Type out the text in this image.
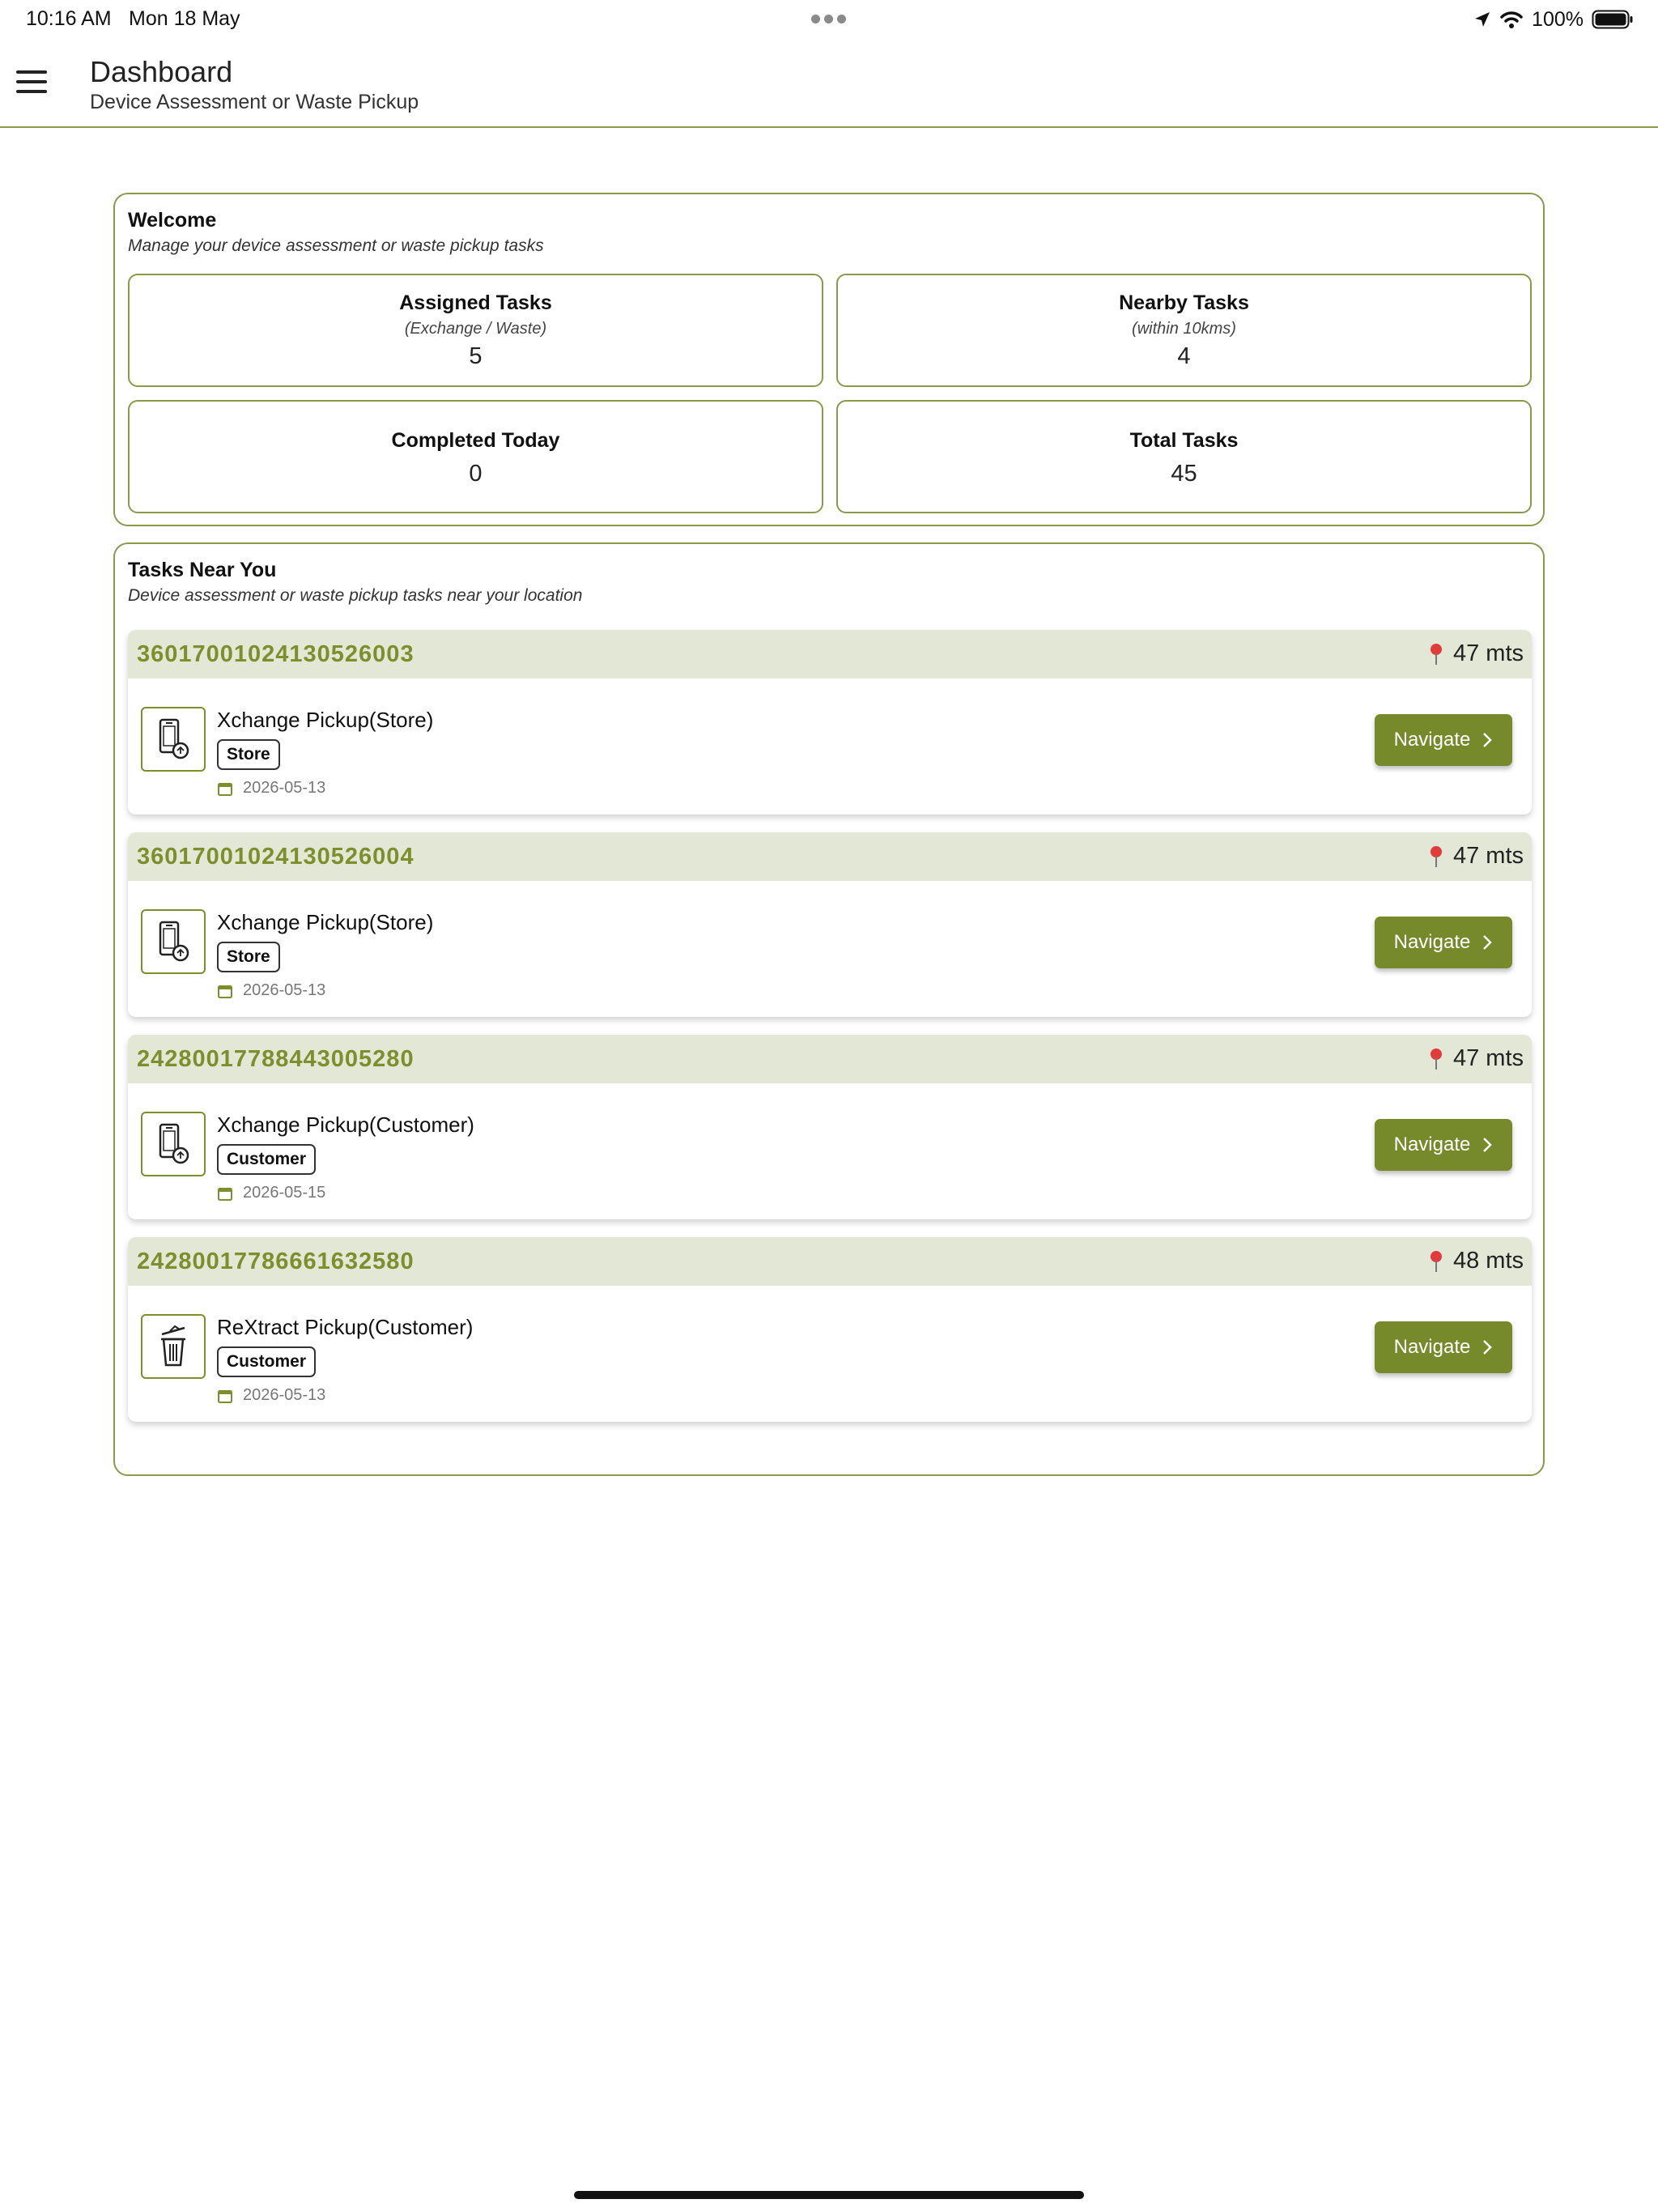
10:16 AM Mon 18 May	100%
Dashboard
Device Assessment or Waste Pickup
Welcome
Manage your device assessment or waste pickup tasks
Assigned Tasks
(Exchange / Waste)
5
Nearby Tasks
(within 10kms)
4
Completed Today
0
Total Tasks
45
Tasks Near You
Device assessment or waste pickup tasks near your location
36017001024130526003	47 mts
Xchange Pickup(Store)
Store
2026-05-13
Navigate
36017001024130526004	47 mts
Xchange Pickup(Store)
Store
2026-05-13
Navigate
24280017788443005280	47 mts
Xchange Pickup(Customer)
Customer
2026-05-15
Navigate
24280017786661632580	48 mts
ReXtract Pickup(Customer)
Customer
2026-05-13
Navigate
